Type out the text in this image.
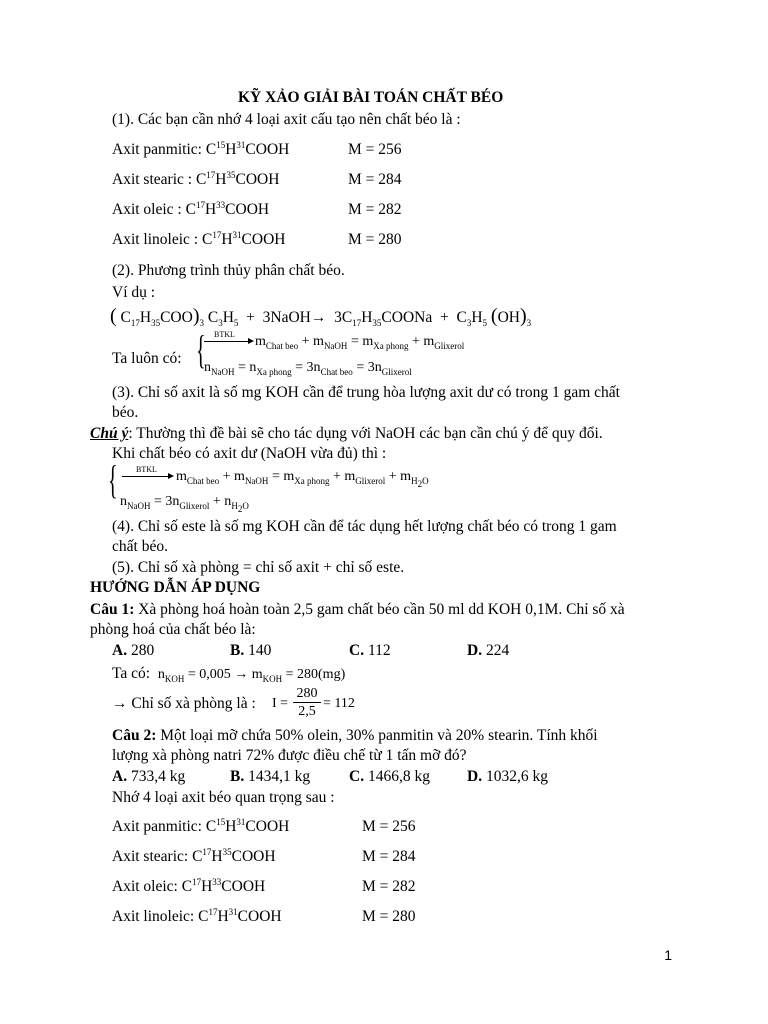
KỸ XẢO GIẢI BÀI TOÁN CHẤT BÉO
(1). Các bạn cần nhớ 4 loại axit cấu tạo nên chất béo là :
Axit panmitic: $C^{15}H^{31}COOH$	M = 256
Axit stearic : $C^{17}H^{35}COOH$	M = 284
Axit oleic : $C^{17}H^{33}COOH$	M = 282
Axit linoleic : $C^{17}H^{31}COOH$	M = 280
(2). Phương trình thủy phân chất béo.
Ví dụ :
( $C_{17}H_{35}COO)_3$ $C_3H_5$  +  3NaOH→  $3C_{17}H_{35}COONa + C_3H_5$ $(OH)_3$
Ta luôn có: { BTKL $m_{Chat beo} + m_{NaOH} = m_{Xa phong} + m_{Glixerol}$
$n_{NaOH} = n_{Xa phong} = 3n_{Chat beo} = 3n_{Glixerol}$
(3). Chỉ số axit là số mg KOH cần để trung hòa lượng axit dư có trong 1 gam chất
béo.
Chú ý: Thường thì đề bài sẽ cho tác dụng với NaOH các bạn cần chú ý để quy đổi.
Khi chất béo có axit dư (NaOH vừa đủ) thì :
{ BTKL $m_{Chat beo} + m_{NaOH} = m_{Xa phong} + m_{Glixerol} + m_{H_2O}$
$n_{NaOH} = 3n_{Glixerol} + n_{H_2O}$
(4). Chỉ số este là số mg KOH cần để tác dụng hết lượng chất béo có trong 1 gam
chất béo.
(5). Chỉ số xà phòng = chỉ số axit + chỉ số este.
HƯỚNG DẪN ÁP DỤNG
Câu 1: Xà phòng hoá hoàn toàn 2,5 gam chất béo cần 50 ml dd KOH 0,1M. Chỉ số xà
phòng hoá của chất béo là:
A. 280	B. 140	C. 112	D. 224
Ta có: $n_{KOH} = 0,005 \to m_{KOH} = 280(mg)$
→ Chỉ số xà phòng là : $I = \frac{280}{2,5} = 112$
Câu 2: Một loại mỡ chứa 50% olein, 30% panmitin và 20% stearin. Tính khối
lượng xà phòng natri 72% được điều chế từ 1 tấn mỡ đó?
A. 733,4 kg	B. 1434,1 kg	C. 1466,8 kg D. 1032,6 kg
Nhớ 4 loại axit béo quan trọng sau :
Axit panmitic: $C^{15}H^{31}COOH$	M = 256
Axit stearic: $C^{17}H^{35}COOH$	M = 284
Axit oleic: $C^{17}H^{33}COOH$	M = 282
Axit linoleic: $C^{17}H^{31}COOH$	M = 280
1
